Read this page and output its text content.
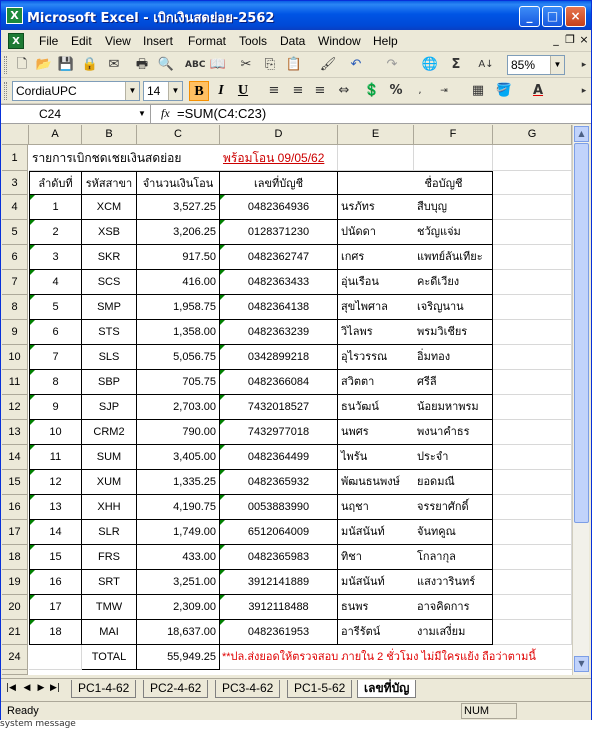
X Microsoft Excel - เบิกเงินสดย่อย-2562	_	□	×
X	File Edit View Insert Format Tools Data Window Help	_ ❐ ×
🗋 📂 💾 🔒 ✉ 🖶 🔍 ABC 📖 ✂ ⎘ 📋 🖌 ↶ ↷ 🌐	Σ	A↓	85%	▼	▸
CordiaUPC	▼ 14	▼	B	I	U	≡ ≡ ≡ ⇔ 💲 %	,	⇥	▦ 🪣	A	▸
C24	▼ fx =SUM(C4:C23)
A	B	C	D	E	F	G
1	รายการเบิกชดเชยเงินสดย่อย	พร้อมโอน 09/05/62
3	ลำดับที่	รหัสสาขา จำนวนเงินโอน	เลขที่บัญชี	ชื่อบัญชี
4	1	XCM	3,527.25	0482364936	นรภัทร	สืบบุญ
5	2	XSB	3,206.25	0128371230	ปนัดดา	ชวัญแจ่ม
6	3	SKR	917.50	0482362747	เกศร	แพทย์ลันเทียะ
7	4	SCS	416.00	0482363433	อุ่นเรือน	คะดีเวียง
8	5	SMP	1,958.75	0482364138	สุขไพศาล	เจริญนาน
9	6	STS	1,358.00	0482363239	วิไลพร	พรมวิเชียร
10	7	SLS	5,056.75	0342899218	อุไรวรรณ	อิ่มทอง
11	8	SBP	705.75	0482366084	สวิตตา	ศรีลี
12	9	SJP	2,703.00	7432018527	ธนวัฒน์	น้อยมหาพรม
13	10	CRM2	790.00	7432977018	นพศร	พงนาคำธร
14	11	SUM	3,405.00	0482364499	ไพรัน	ประจำ
15	12	XUM	1,335.25	0482365932	พัฒนธนพงษ์	ยอดมณี
16	13	XHH	4,190.75	0053883990	นฤชา	จรรยาศักดิ์
17	14	SLR	1,749.00	6512064009	มนัสนันท์	จันทคูณ
18	15	FRS	433.00	0482365983	ทิชา	โกลากุล
19	16	SRT	3,251.00	3912141889	มนัสนันท์	แสงวารินทร์
20	17	TMW	2,309.00	3912118488	ธนพร	อาจคิดการ
21	18	MAI	18,637.00	0482361953	อารีรัตน์	งามเสงี่ยม
24	TOTAL	55,949.25 **ปล.ส่งยอดให้ตรวจสอบ ภายใน 2 ชั่วโมง ไม่มีใครแย้ง ถือว่าตามนี้
▲
▼
|◀ ◀ ▶ ▶|	PC1-4-62	PC2-4-62	PC3-4-62	PC1-5-62	เลขที่บัญ
Ready	NUM
system message
